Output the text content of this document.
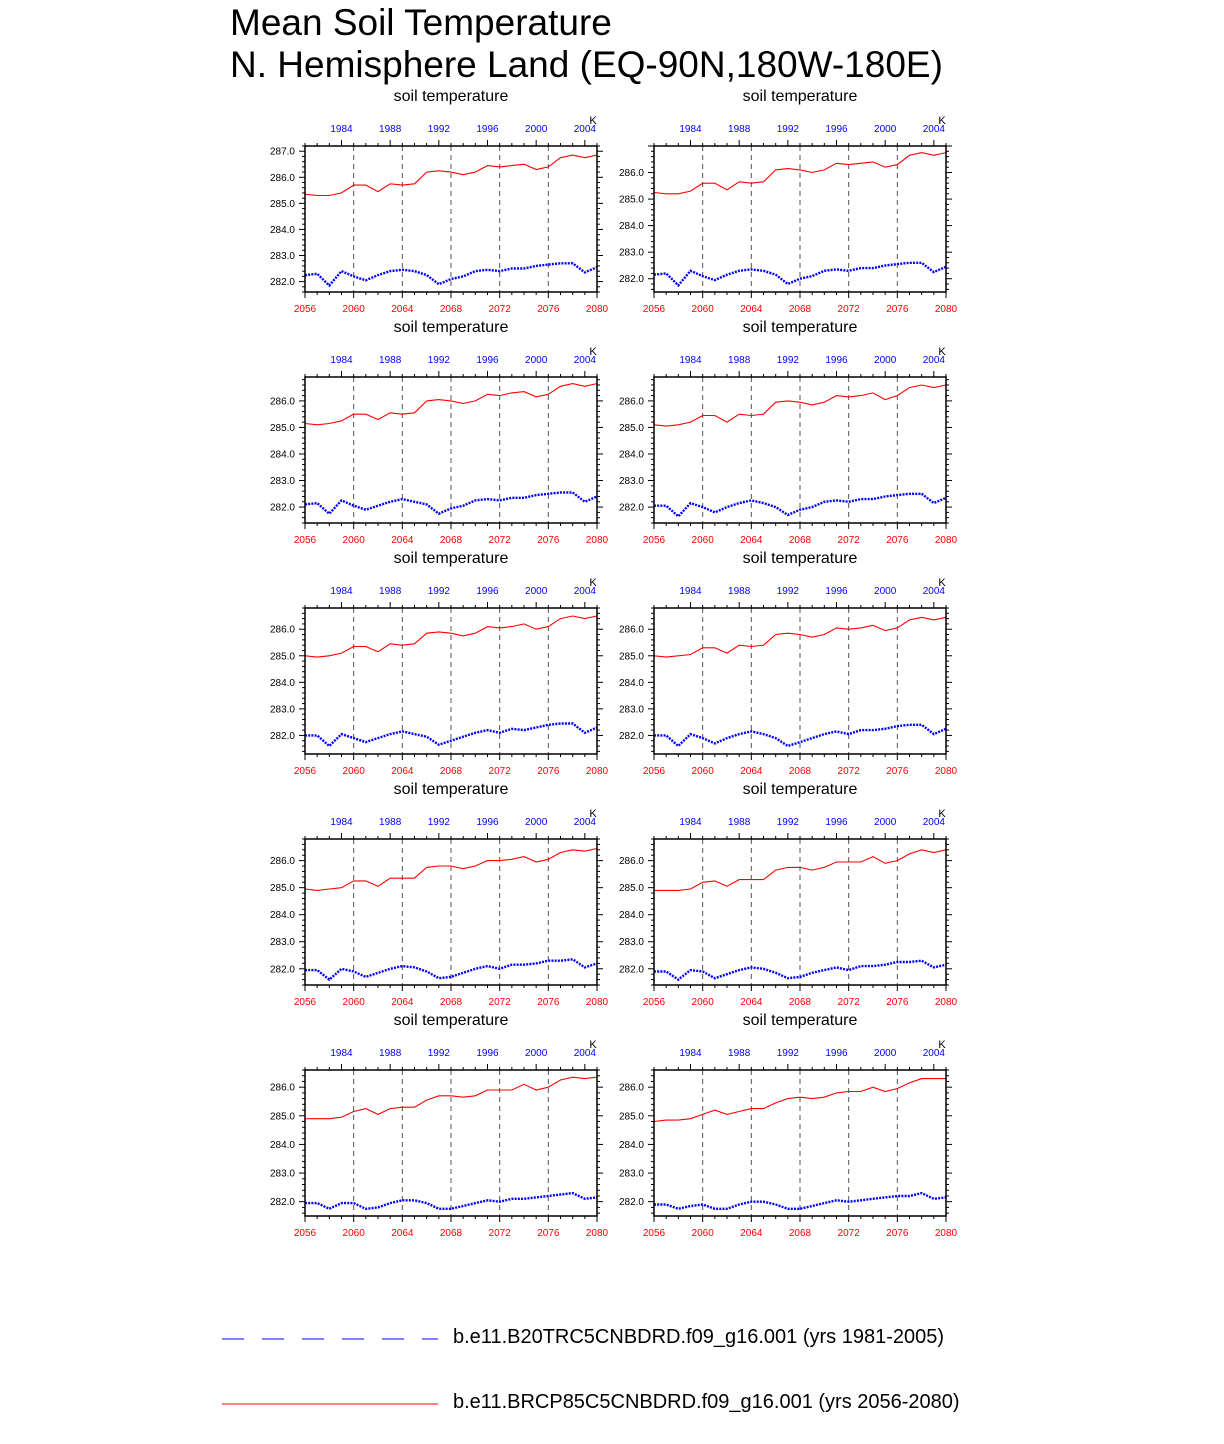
Mean Soil Temperature
N. Hemisphere Land (EQ-90N,180W-180E)
soil temperature
K
282.0
283.0
284.0
285.0
286.0
287.0
2056	2060	2064	2068	2072	2076	2080
1984	1988	1992	1996	2000	2004
soil temperature
K
282.0
283.0
284.0
285.0
286.0
2056	2060	2064	2068	2072	2076	2080
1984	1988	1992	1996	2000	2004
soil temperature
K
282.0
283.0
284.0
285.0
286.0
2056	2060	2064	2068	2072	2076	2080
1984	1988	1992	1996	2000	2004
soil temperature
K
282.0
283.0
284.0
285.0
286.0
2056	2060	2064	2068	2072	2076	2080
1984	1988	1992	1996	2000	2004
soil temperature
K
282.0
283.0
284.0
285.0
286.0
2056	2060	2064	2068	2072	2076	2080
1984	1988	1992	1996	2000	2004
soil temperature
K
282.0
283.0
284.0
285.0
286.0
2056	2060	2064	2068	2072	2076	2080
1984	1988	1992	1996	2000	2004
soil temperature
K
282.0
283.0
284.0
285.0
286.0
2056	2060	2064	2068	2072	2076	2080
1984	1988	1992	1996	2000	2004
soil temperature
K
282.0
283.0
284.0
285.0
286.0
2056	2060	2064	2068	2072	2076	2080
1984	1988	1992	1996	2000	2004
soil temperature
K
282.0
283.0
284.0
285.0
286.0
2056	2060	2064	2068	2072	2076	2080
1984	1988	1992	1996	2000	2004
soil temperature
K
282.0
283.0
284.0
285.0
286.0
2056	2060	2064	2068	2072	2076	2080
1984	1988	1992	1996	2000	2004
b.e11.B20TRC5CNBDRD.f09_g16.001 (yrs 1981-2005)
b.e11.BRCP85C5CNBDRD.f09_g16.001 (yrs 2056-2080)
